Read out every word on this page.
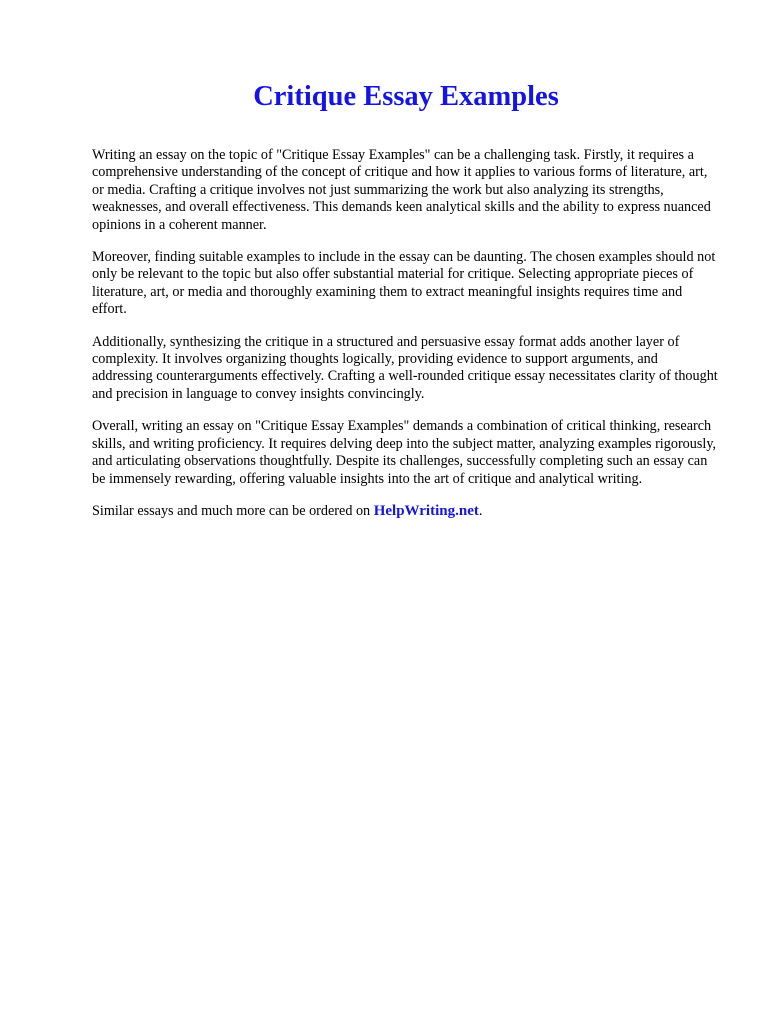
Critique Essay Examples

Writing an essay on the topic of "Critique Essay Examples" can be a challenging task. Firstly, it requires a comprehensive understanding of the concept of critique and how it applies to various forms of literature, art, or media. Crafting a critique involves not just summarizing the work but also analyzing its strengths, weaknesses, and overall effectiveness. This demands keen analytical skills and the ability to express nuanced opinions in a coherent manner.

Moreover, finding suitable examples to include in the essay can be daunting. The chosen examples should not only be relevant to the topic but also offer substantial material for critique. Selecting appropriate pieces of literature, art, or media and thoroughly examining them to extract meaningful insights requires time and effort.

Additionally, synthesizing the critique in a structured and persuasive essay format adds another layer of complexity. It involves organizing thoughts logically, providing evidence to support arguments, and addressing counterarguments effectively. Crafting a well-rounded critique essay necessitates clarity of thought and precision in language to convey insights convincingly.

Overall, writing an essay on "Critique Essay Examples" demands a combination of critical thinking, research skills, and writing proficiency. It requires delving deep into the subject matter, analyzing examples rigorously, and articulating observations thoughtfully. Despite its challenges, successfully completing such an essay can be immensely rewarding, offering valuable insights into the art of critique and analytical writing.

Similar essays and much more can be ordered on HelpWriting.net.
